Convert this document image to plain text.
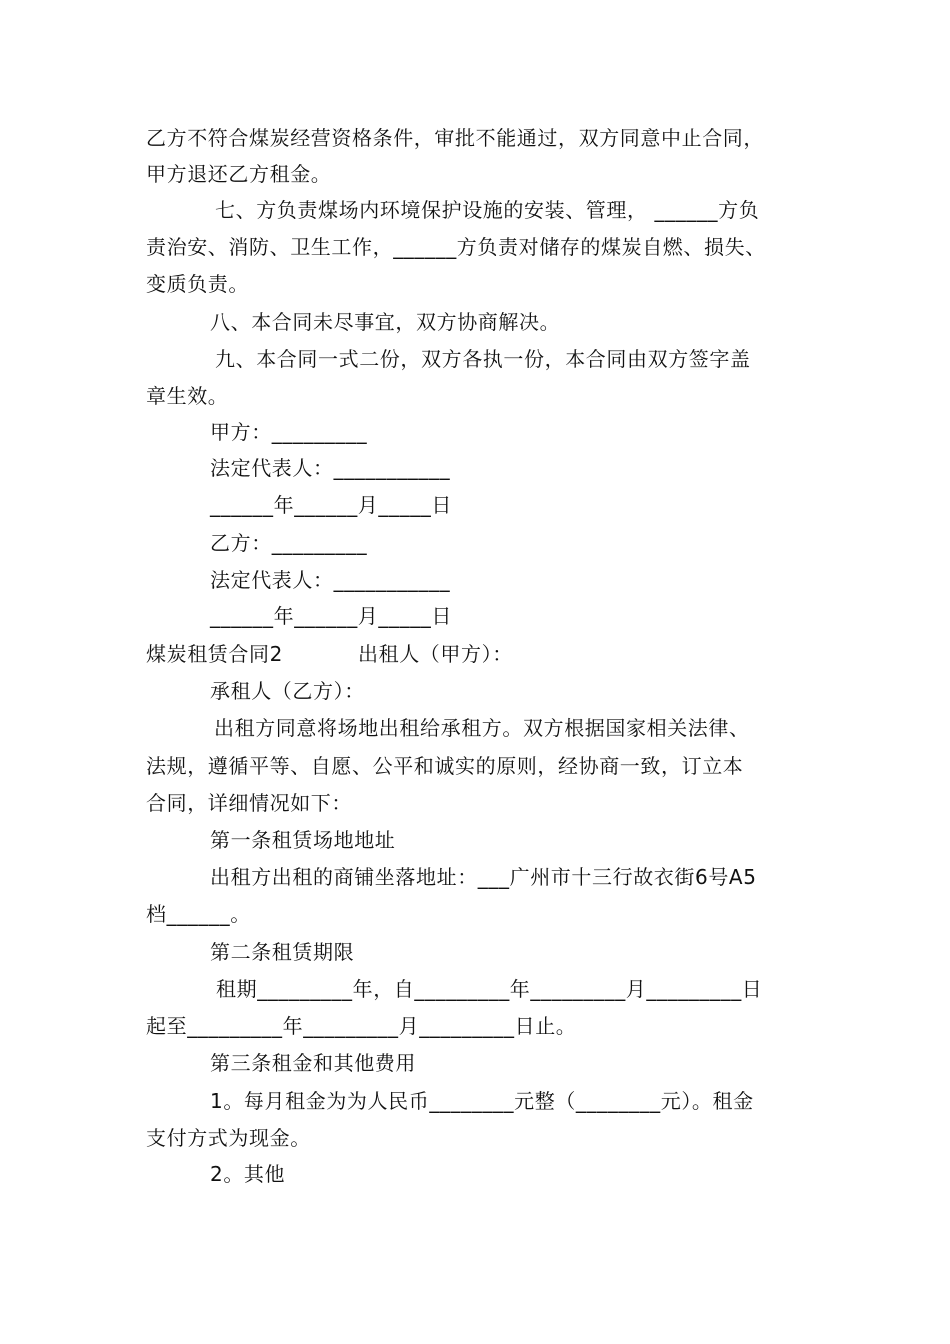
乙方不符合煤炭经营资格条件，审批不能通过，双方同意中止合同，
甲方退还乙方租金。
七、方负责煤场内环境保护设施的安装、管理， ______方负
责治安、消防、卫生工作，______方负责对储存的煤炭自燃、损失、
变质负责。
八、本合同未尽事宜，双方协商解决。
九、本合同一式二份，双方各执一份，本合同由双方签字盖
章生效。
甲方：_________
法定代表人：___________
______年______月_____日
乙方：_________
法定代表人：___________
______年______月_____日
煤炭租赁合同2	出租人（甲方）：
承租人（乙方）：
出租方同意将场地出租给承租方。双方根据国家相关法律、
法规，遵循平等、自愿、公平和诚实的原则，经协商一致，订立本
合同，详细情况如下：
第一条租赁场地地址
出租方出租的商铺坐落地址：___广州市十三行故衣街6号A5
档______。
第二条租赁期限
租期_________年，自_________年_________月_________日
起至_________年_________月_________日止。
第三条租金和其他费用
1。每月租金为为人民币________元整（________元）。租金
支付方式为现金。
2。其他
